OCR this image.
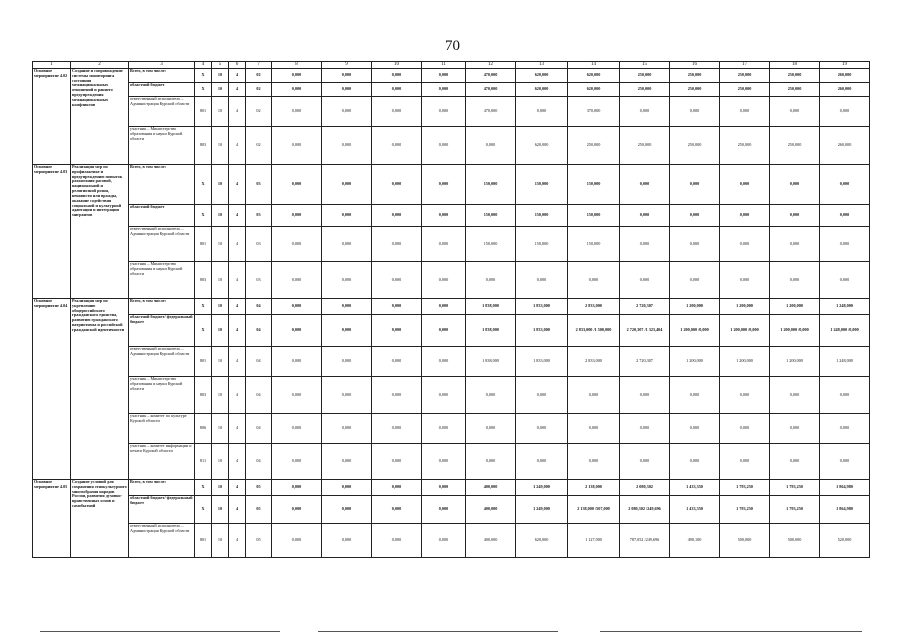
70
1	2	3	4	5	6	7	8	9	10	11	12	13	14	15	16	17	18	19
Основное мероприятие 4.02	Создание и сопровождение системы мониторинга состояния межнациональных отношений и раннего предупреждения межнациональных конфликтов	Всего, в том числе:	Х	10	4	02	0,000	0,000	0,000	0,000	470,000	620,000	620,000	250,000	250,000	250,000	250,000	260,000
		областной бюджет	Х	10	4	02	0,000	0,000	0,000	0,000	470,000	620,000	620,000	250,000	250,000	250,000	250,000	260,000
		ответственный исполнитель – Администрация Курской области	801	10	4	02	0,000	0,000	0,000	0,000	470,000	0,000	370,000	0,000	0,000	0,000	0,000	0,000
		участник – Министерство образования и науки Курской области	803	10	4	02	0,000	0,000	0,000	0,000	0,000	620,000	250,000	250,000	250,000	250,000	250,000	260,000
Основное мероприятие 4.03	Реализация мер по профилактике и предупреждению попыток разжигания расовой, национальной и религиозной розни, ненависти или вражды, оказание содействия социальной и культурной адаптации и интеграции мигрантов	Всего, в том числе:	Х	10	4	03	0,000	0,000	0,000	0,000	150,000	150,000	150,000	0,000	0,000	0,000	0,000	0,000
		областной бюджет	Х	10	4	03	0,000	0,000	0,000	0,000	150,000	150,000	150,000	0,000	0,000	0,000	0,000	0,000
		ответственный исполнитель – Администрация Курской области	801	10	4	03	0,000	0,000	0,000	0,000	150,000	150,000	150,000	0,000	0,000	0,000	0,000	0,000
		участник – Министерство образования и науки Курской области	803	10	4	03	0,000	0,000	0,000	0,000	0,000	0,000	0,000	0,000	0,000	0,000	0,000	0,000
Основное мероприятие 4.04	Реализация мер по укреплению общероссийского гражданского единства, развитию гражданского патриотизма и российской гражданской идентичности	Всего, в том числе:	Х	10	4	04	0,000	0,000	0,000	0,000	1 838,000	1 833,000	2 833,000	2 720,307	1 200,000	1 200,000	1 200,000	1 248,000
		областной бюджет/ федеральный бюджет	Х	10	4	04	0,000	0,000	0,000	0,000	1 838,000	1 833,000	2 833,000 /1 500,000	2 720,307 /1 323,404	1 200,000 /0,000	1 200,000 /0,000	1 200,000 /0,000	1 248,000 /0,000
		ответственный исполнитель – Администрация Курской области	801	10	4	04	0,000	0,000	0,000	0,000	1 838,000	1 833,000	2 833,000	2 720,307	1 200,000	1 200,000	1 200,000	1 248,000
		участник – Министерство образования и науки Курской области	803	10	4	04	0,000	0,000	0,000	0,000	0,000	0,000	0,000	0,000	0,000	0,000	0,000	0,000
		участник – комитет по культуре Курской области	806	10	4	04	0,000	0,000	0,000	0,000	0,000	0,000	0,000	0,000	0,000	0,000	0,000	0,000
		участник – комитет информации и печати Курской области	811	10	4	04	0,000	0,000	0,000	0,000	0,000	0,000	0,000	0,000	0,000	0,000	0,000	0,000
Основное мероприятие 4.05	Создание условий для сохранения этнокультурного многообразия народов России, развития духовно-нравственных основ и самобытной	Всего, в том числе:	Х	10	4	05	0,000	0,000	0,000	0,000	400,000	1 249,000	2 138,000	2 080,302	1 433,350	1 793,250	1 793,250	1 864,980
		областной бюджет/ федеральный бюджет	Х	10	4	05	0,000	0,000	0,000	0,000	400,000	1 249,000	2 138,000 /507,000	2 080,302 /249,696	1 433,350	1 793,250	1 793,250	1 864,980
		ответственный исполнитель – Администрация Курской области	801	10	4	05	0,000	0,000	0,000	0,000	400,000	620,000	1 127,000	787,052 /249,696	490,100	500,000	500,000	520,000
